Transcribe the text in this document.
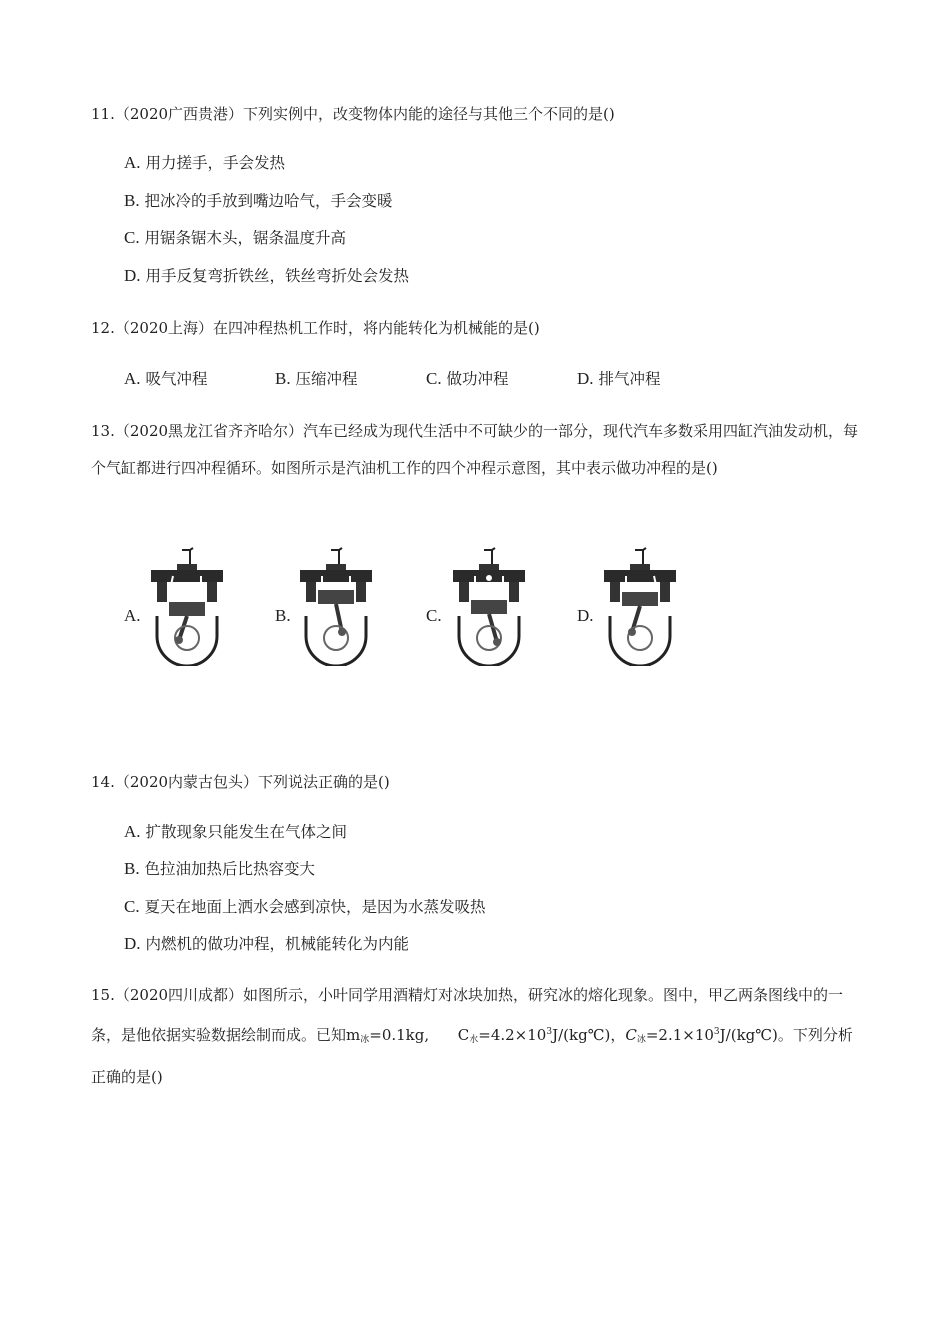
11.（2020广西贵港）下列实例中，改变物体内能的途径与其他三个不同的是()
A. 用力搓手，手会发热
B. 把冰冷的手放到嘴边哈气，手会变暖
C. 用锯条锯木头，锯条温度升高
D. 用手反复弯折铁丝，铁丝弯折处会发热
12.（2020上海）在四冲程热机工作时，将内能转化为机械能的是()
A. 吸气冲程	B. 压缩冲程	C. 做功冲程	D. 排气冲程
13.（2020黑龙江省齐齐哈尔）汽车已经成为现代生活中不可缺少的一部分，现代汽车多数采用四缸汽油发动机，每个气缸都进行四冲程循环。如图所示是汽油机工作的四个冲程示意图，其中表示做功冲程的是()
A.	B.	C.	D.
14.（2020内蒙古包头）下列说法正确的是()
A. 扩散现象只能发生在气体之间
B. 色拉油加热后比热容变大
C. 夏天在地面上洒水会感到凉快，是因为水蒸发吸热
D. 内燃机的做功冲程，机械能转化为内能
15.（2020四川成都）如图所示，小叶同学用酒精灯对冰块加热，研究冰的熔化现象。图中，甲乙两条图线中的一条，是他依据实验数据绘制而成。已知$m_冰=0.1kg$, $C_水=4.2\times 10^3J/(kg℃)$，$C_冰=2.1\times 10^3J/(kg℃)$。下列分析正确的是()
